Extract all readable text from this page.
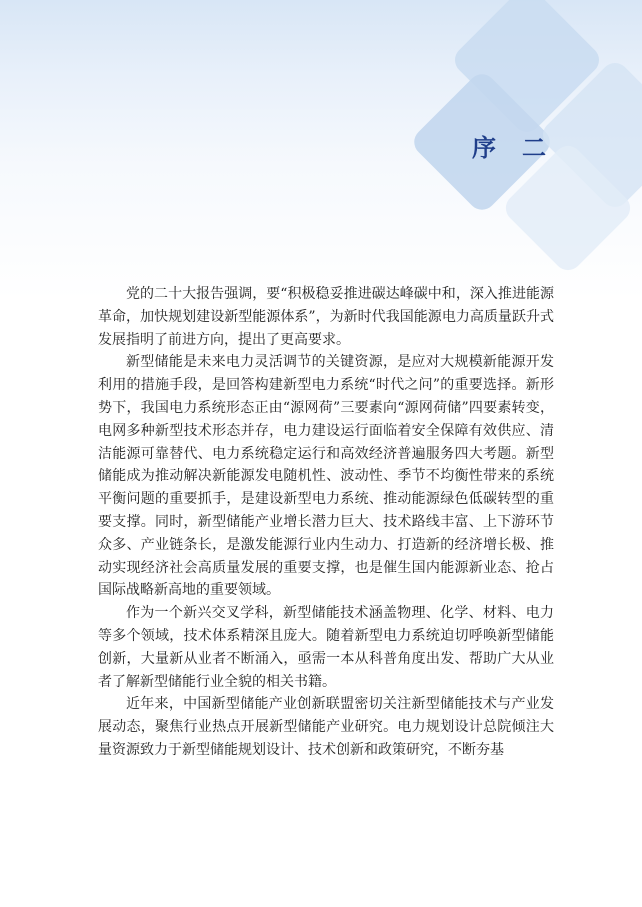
序二

党的二十大报告强调，要“积极稳妥推进碳达峰碳中和，深入推进能源革命，加快规划建设新型能源体系”，为新时代我国能源电力高质量跃升式发展指明了前进方向，提出了更高要求。

新型储能是未来电力灵活调节的关键资源，是应对大规模新能源开发利用的措施手段，是回答构建新型电力系统“时代之问”的重要选择。新形势下，我国电力系统形态正由“源网荷”三要素向“源网荷储”四要素转变，电网多种新型技术形态并存，电力建设运行面临着安全保障有效供应、清洁能源可靠替代、电力系统稳定运行和高效经济普遍服务四大考题。新型储能成为推动解决新能源发电随机性、波动性、季节不均衡性带来的系统平衡问题的重要抓手，是建设新型电力系统、推动能源绿色低碳转型的重要支撑。同时，新型储能产业增长潜力巨大、技术路线丰富、上下游环节众多、产业链条长，是激发能源行业内生动力、打造新的经济增长极、推动实现经济社会高质量发展的重要支撑，也是催生国内能源新业态、抢占国际战略新高地的重要领域。

作为一个新兴交叉学科，新型储能技术涵盖物理、化学、材料、电力等多个领域，技术体系精深且庞大。随着新型电力系统迫切呼唤新型储能创新，大量新从业者不断涌入，亟需一本从科普角度出发、帮助广大从业者了解新型储能行业全貌的相关书籍。

近年来，中国新型储能产业创新联盟密切关注新型储能技术与产业发展动态，聚焦行业热点开展新型储能产业研究。电力规划设计总院倾注大量资源致力于新型储能规划设计、技术创新和政策研究，不断夯基
